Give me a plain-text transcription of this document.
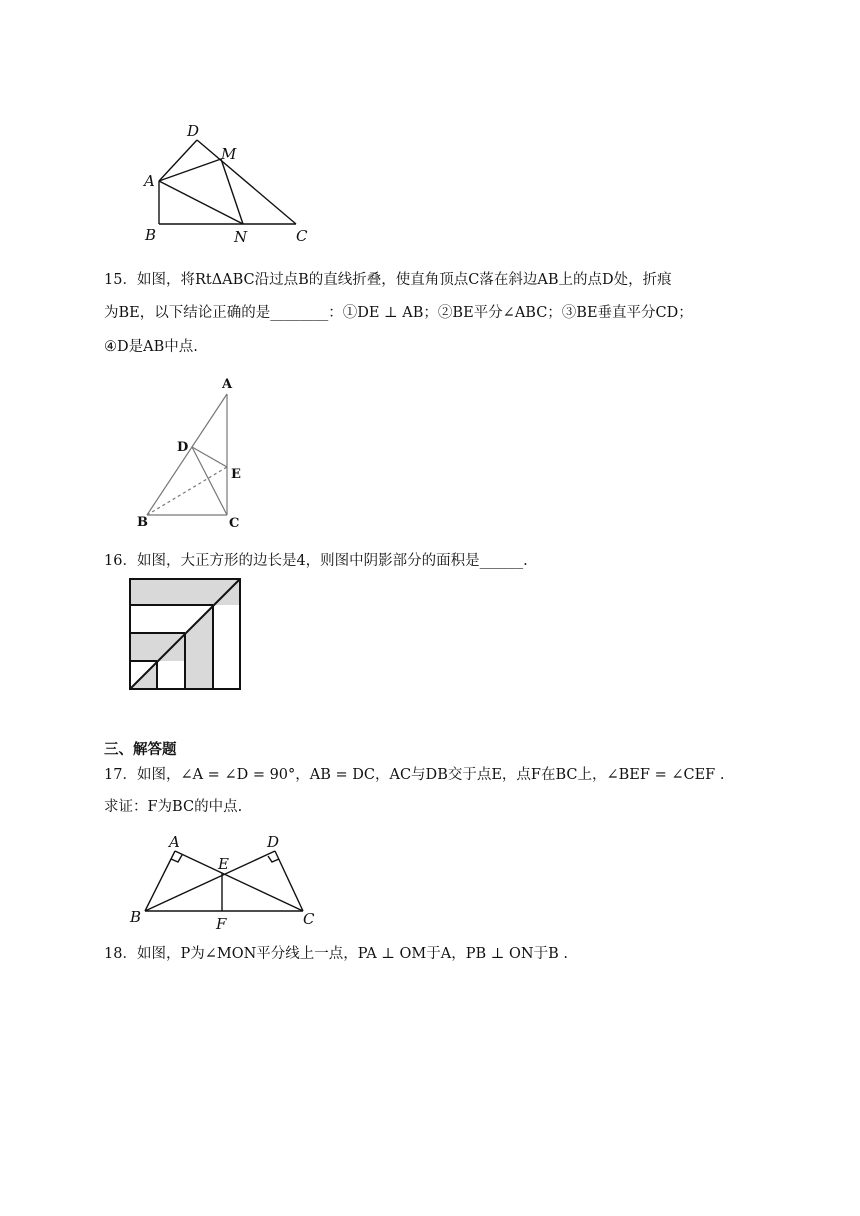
D
M
A
B	N	C
15．如图，将RtΔABC沿过点B的直线折叠，使直角顶点C落在斜边AB上的点D处，折痕
为BE，以下结论正确的是________：①DE ⊥ AB；②BE平分∠ABC；③BE垂直平分CD；
④D是AB中点.
A
D
E
B	C
16．如图，大正方形的边长是4，则图中阴影部分的面积是______.
三、解答题
17．如图，∠A = ∠D = 90°，AB = DC，AC与DB交于点E，点F在BC上，∠BEF = ∠CEF .
求证：F为BC的中点.
A	D
E
B	F	C
18．如图，P为∠MON平分线上一点，PA ⊥ OM于A，PB ⊥ ON于B .
